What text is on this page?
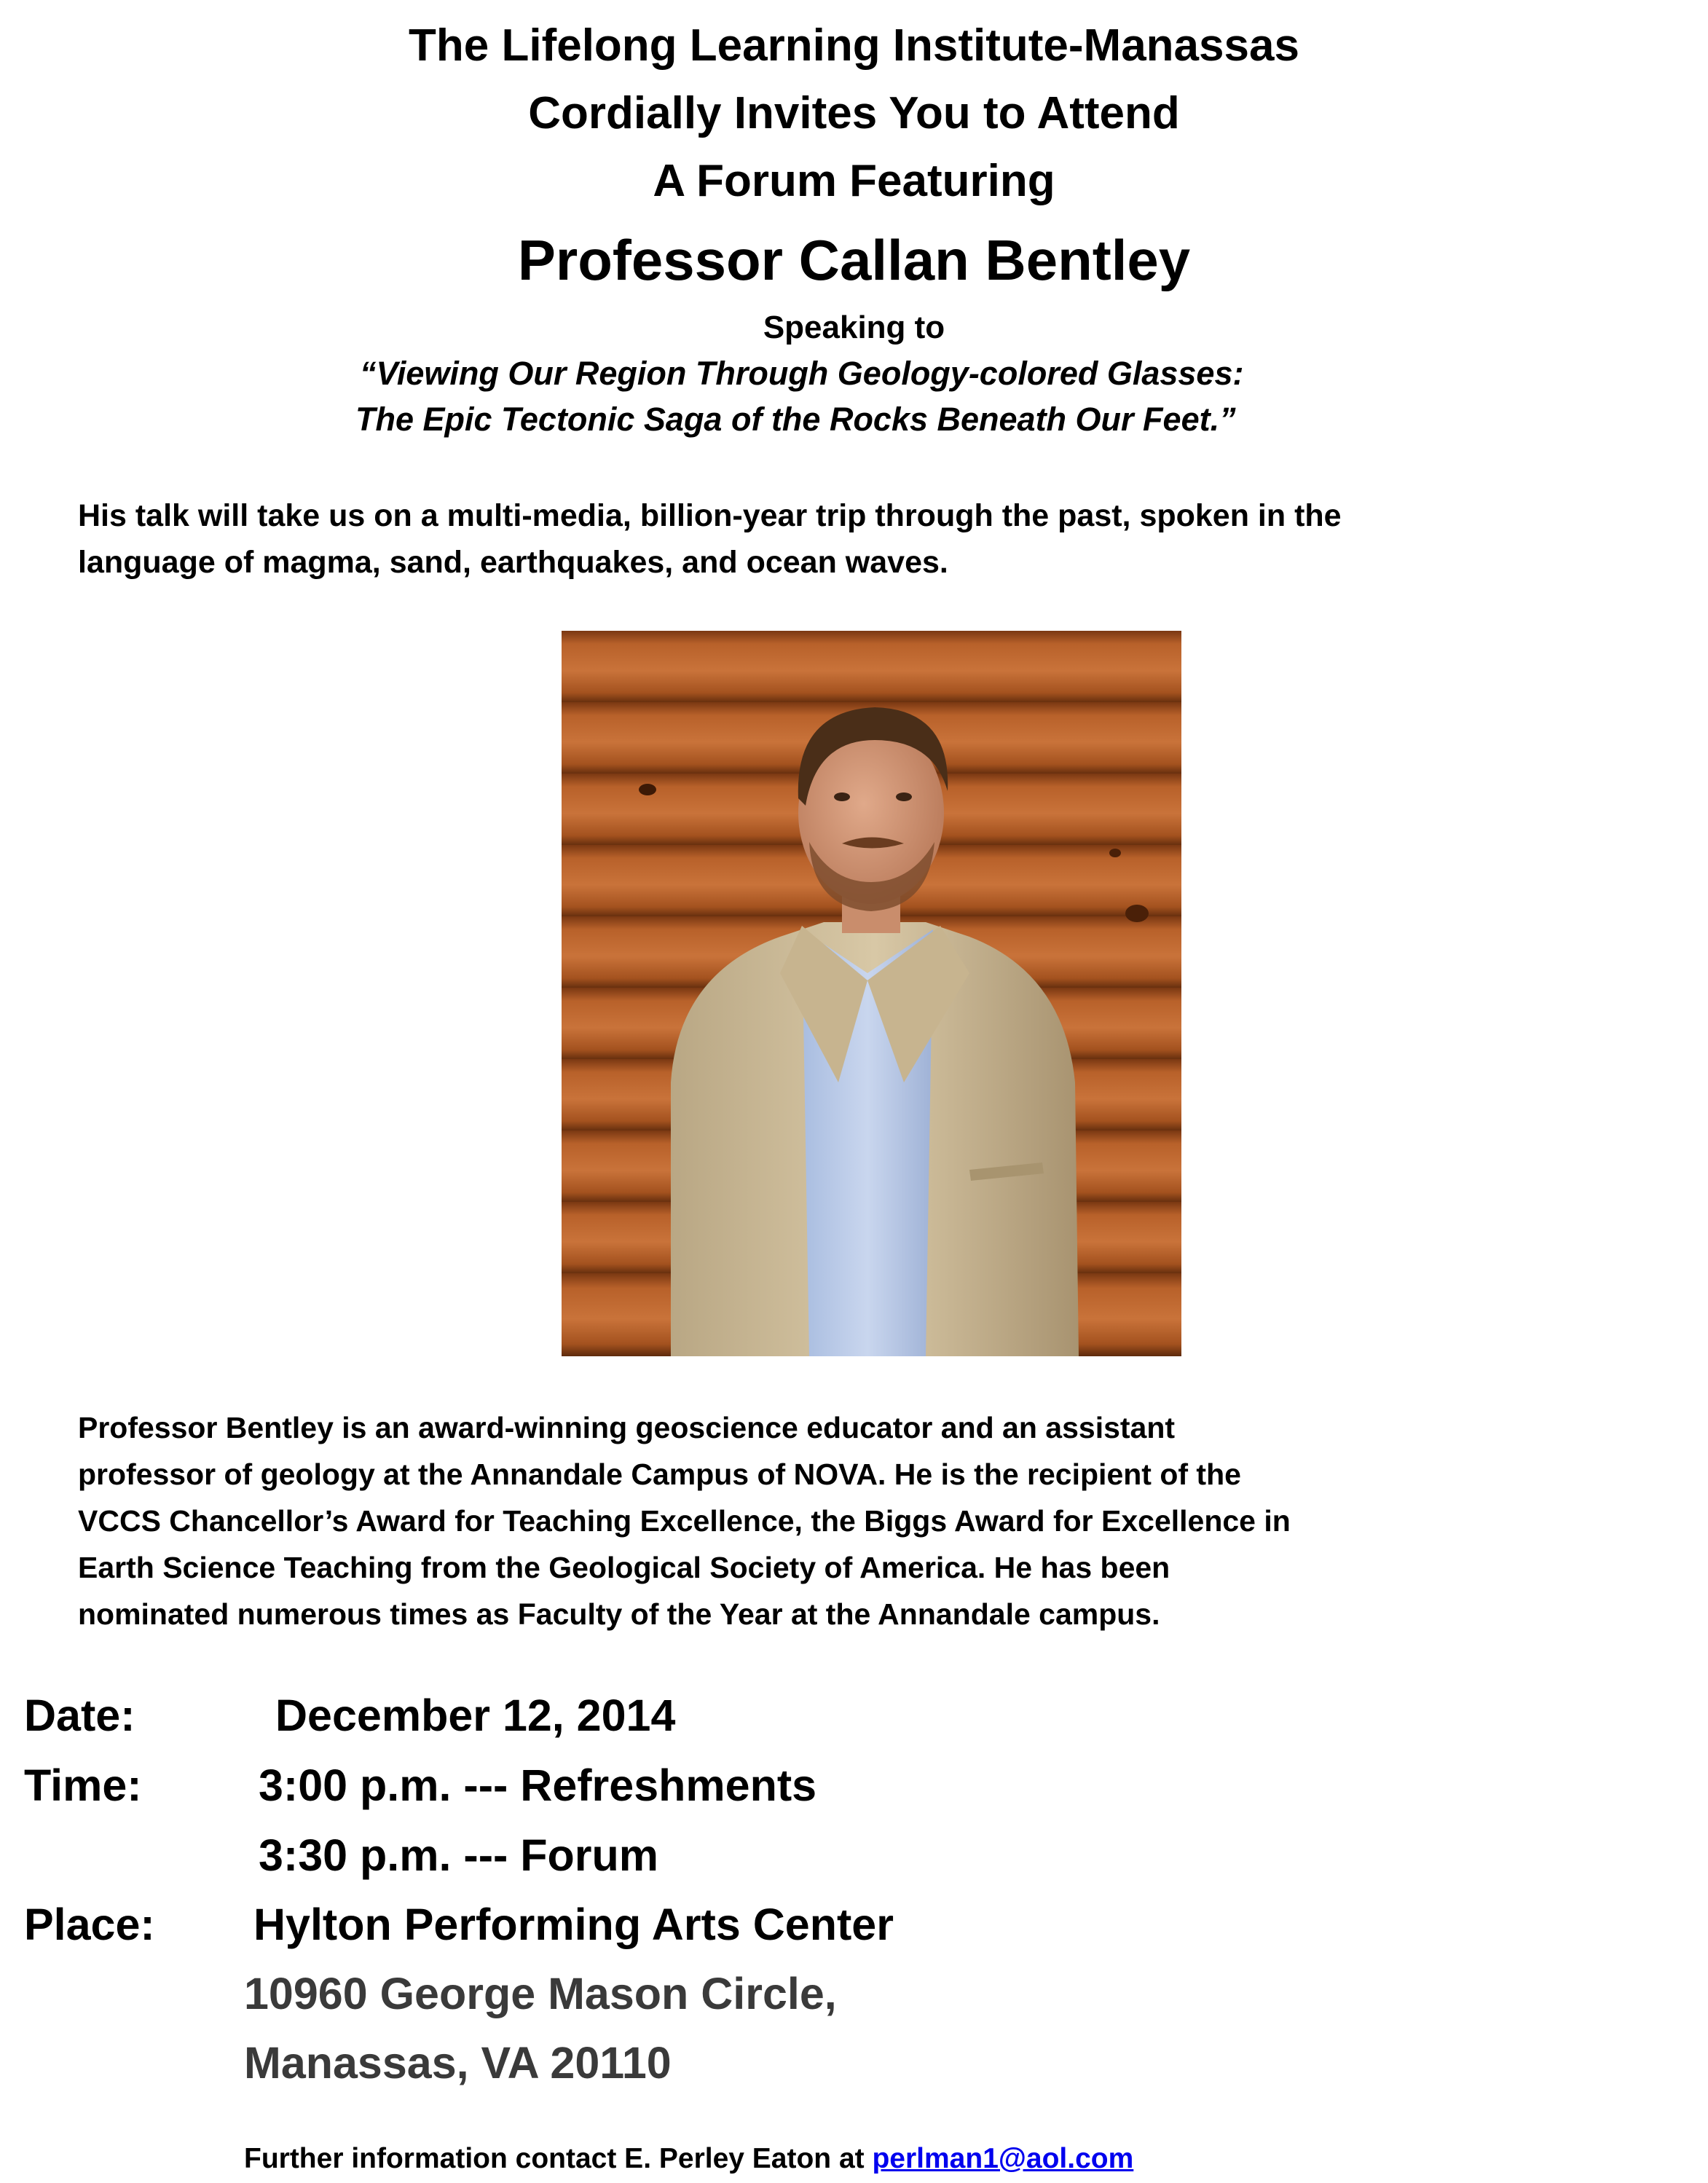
The Lifelong Learning Institute-Manassas
Cordially Invites You to Attend
A Forum Featuring
Professor Callan Bentley
Speaking to
“Viewing Our Region Through Geology-colored Glasses:
The Epic Tectonic Saga of the Rocks Beneath Our Feet.”
His talk will take us on a multi-media, billion-year trip through the past, spoken in the
language of magma, sand, earthquakes, and ocean waves.
Professor Bentley is an award-winning geoscience educator and an assistant
professor of geology at the Annandale Campus of NOVA. He is the recipient of the
VCCS Chancellor’s Award for Teaching Excellence, the Biggs Award for Excellence in
Earth Science Teaching from the Geological Society of America. He has been
nominated numerous times as Faculty of the Year at the Annandale campus.
Date:	December 12, 2014
Time:	3:00 p.m. --- Refreshments
3:30 p.m. --- Forum
Place: Hylton Performing Arts Center
10960 George Mason Circle,
Manassas, VA 20110
Further information contact E. Perley Eaton at perlman1@aol.com
